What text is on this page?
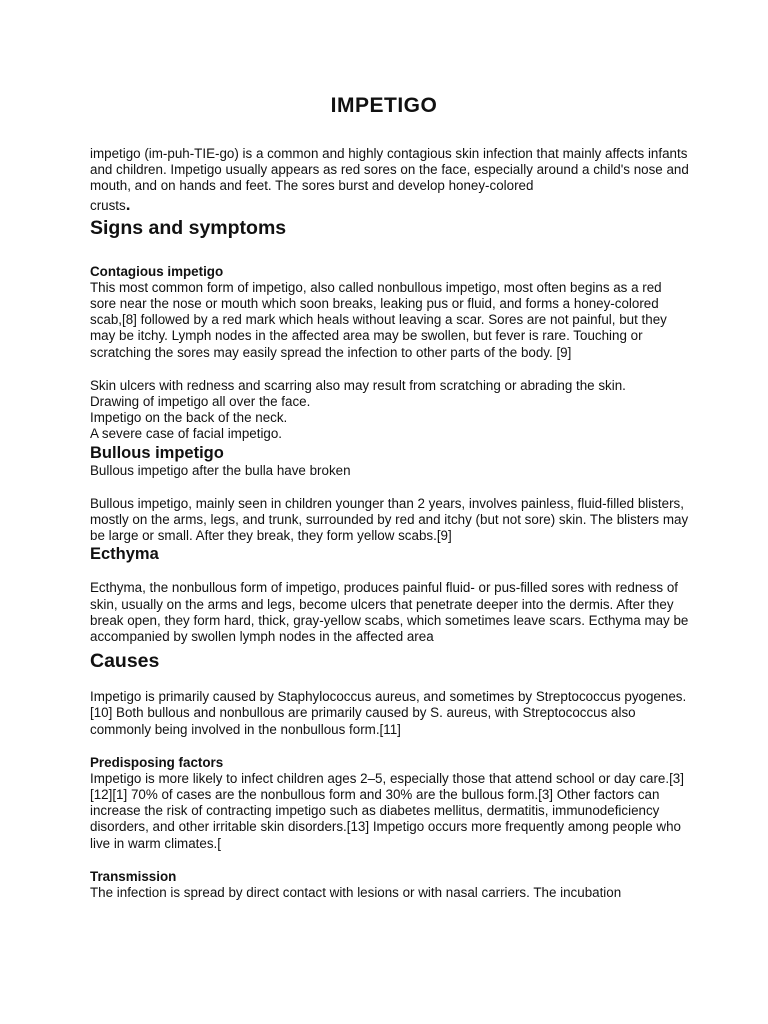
IMPETIGO

impetigo (im-puh-TIE-go) is a common and highly contagious skin infection that mainly affects infants and children. Impetigo usually appears as red sores on the face, especially around a child's nose and mouth, and on hands and feet. The sores burst and develop honey-colored
crusts.

Signs and symptoms
Contagious impetigo

This most common form of impetigo, also called nonbullous impetigo, most often begins as a red sore near the nose or mouth which soon breaks, leaking pus or fluid, and forms a honey-colored scab,[8] followed by a red mark which heals without leaving a scar. Sores are not painful, but they may be itchy. Lymph nodes in the affected area may be swollen, but fever is rare. Touching or scratching the sores may easily spread the infection to other parts of the body. [9]

Skin ulcers with redness and scarring also may result from scratching or abrading the skin.

Drawing of impetigo all over the face.

Impetigo on the back of the neck.

A severe case of facial impetigo.

Bullous impetigo

Bullous impetigo after the bulla have broken

Bullous impetigo, mainly seen in children younger than 2 years, involves painless, fluid-filled blisters, mostly on the arms, legs, and trunk, surrounded by red and itchy (but not sore) skin. The blisters may be large or small. After they break, they form yellow scabs.[9]

Ecthyma

Ecthyma, the nonbullous form of impetigo, produces painful fluid- or pus-filled sores with redness of skin, usually on the arms and legs, become ulcers that penetrate deeper into the dermis. After they break open, they form hard, thick, gray-yellow scabs, which sometimes leave scars. Ecthyma may be accompanied by swollen lymph nodes in the affected area

Causes

Impetigo is primarily caused by Staphylococcus aureus, and sometimes by Streptococcus pyogenes.[10] Both bullous and nonbullous are primarily caused by S. aureus, with Streptococcus also commonly being involved in the nonbullous form.[11]

Predisposing factors

Impetigo is more likely to infect children ages 2–5, especially those that attend school or day care.[3][12][1] 70% of cases are the nonbullous form and 30% are the bullous form.[3] Other factors can increase the risk of contracting impetigo such as diabetes mellitus, dermatitis, immunodeficiency disorders, and other irritable skin disorders.[13] Impetigo occurs more frequently among people who live in warm climates.[

Transmission

The infection is spread by direct contact with lesions or with nasal carriers. The incubation
